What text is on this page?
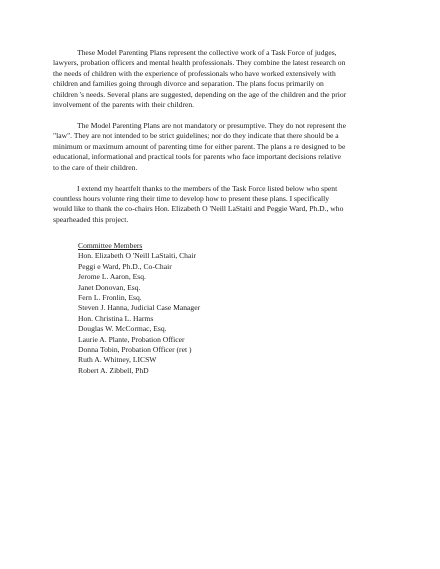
These Model Parenting Plans represent the collective work of a Task Force of judges,
lawyers, probation officers and mental health professionals. They combine the latest research on
the needs of children with the experience of professionals who have worked extensively with
children and families going through divorce and separation. The plans focus primarily on
children 's needs. Several plans are suggested, depending on the age of the children and the prior
involvement of the parents with their children.

The Model Parenting Plans are not mandatory or presumptive. They do not represent the
"law". They are not intended to be strict guidelines; nor do they indicate that there should be a
minimum or maximum amount of parenting time for either parent. The plans a re designed to be
educational, informational and practical tools for parents who face important decisions relative
to the care of their children.

I extend my heartfelt thanks to the members of the Task Force listed below who spent
countless hours volunte ring their time to develop how to present these plans. I specifically
would like to thank the co-chairs Hon. Elizabeth O 'Neill LaStaiti and Peggie Ward, Ph.D., who
spearheaded this project.

Committee Members
Hon. Elizabeth O 'Neill LaStaiti, Chair
Peggi e Ward, Ph.D., Co-Chair
Jerome L. Aaron, Esq.
Janet Donovan, Esq.
Fern L. Fronlin, Esq.
Steven J. Hanna, Judicial Case Manager
Hon. Christina L. Harms
Douglas W. McCormac, Esq.
Laurie A. Plante, Probation Officer
Donna Tobin, Probation Officer (ret )
Ruth A. Whitney, LICSW
Robert A. Zibbell, PhD
